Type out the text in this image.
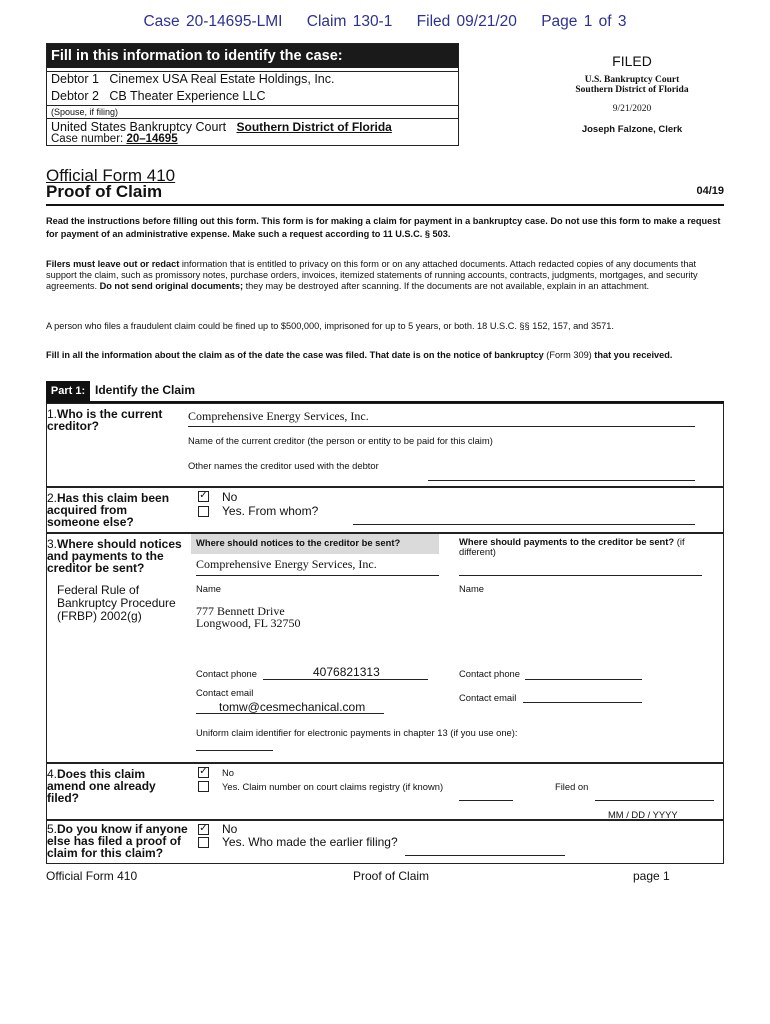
Case 20-14695-LMI Claim 130-1 Filed 09/21/20 Page 1 of 3
Fill in this information to identify the case:
Debtor 1 Cinemex USA Real Estate Holdings, Inc.
Debtor 2 CB Theater Experience LLC
(Spouse, if filing)
United States Bankruptcy Court Southern District of Florida
Case number: 20–14695
FILED
U.S. Bankruptcy Court
Southern District of Florida
9/21/2020
Joseph Falzone, Clerk
Official Form 410
Proof of Claim	04/19
Read the instructions before filling out this form. This form is for making a claim for payment in a bankruptcy case. Do not use this form to make a request for payment of an administrative expense. Make such a request according to 11 U.S.C. § 503.
Filers must leave out or redact information that is entitled to privacy on this form or on any attached documents. Attach redacted copies of any documents that support the claim, such as promissory notes, purchase orders, invoices, itemized statements of running accounts, contracts, judgments, mortgages, and security agreements. Do not send original documents; they may be destroyed after scanning. If the documents are not available, explain in an attachment.
A person who files a fraudulent claim could be fined up to $500,000, imprisoned for up to 5 years, or both. 18 U.S.C. §§ 152, 157, and 3571.
Fill in all the information about the claim as of the date the case was filed. That date is on the notice of bankruptcy (Form 309) that you received.
Part 1: Identify the Claim
1.Who is the current creditor?
Comprehensive Energy Services, Inc.
Name of the current creditor (the person or entity to be paid for this claim)
Other names the creditor used with the debtor
2.Has this claim been acquired from someone else?
✓ No
Yes. From whom?
3.Where should notices and payments to the creditor be sent?
Federal Rule of Bankruptcy Procedure (FRBP) 2002(g)
Where should notices to the creditor be sent?	Where should payments to the creditor be sent? (if different)
Comprehensive Energy Services, Inc.
Name	Name
777 Bennett Drive
Longwood, FL 32750
Contact phone	4076821313	Contact phone
Contact email
tomw@cesmechanical.com
Contact email
Uniform claim identifier for electronic payments in chapter 13 (if you use one):
4.Does this claim amend one already filed?
✓ No
Yes. Claim number on court claims registry (if known)	Filed on
MM / DD / YYYY
5.Do you know if anyone else has filed a proof of claim for this claim?
✓ No
Yes. Who made the earlier filing?
Official Form 410	Proof of Claim	page 1
